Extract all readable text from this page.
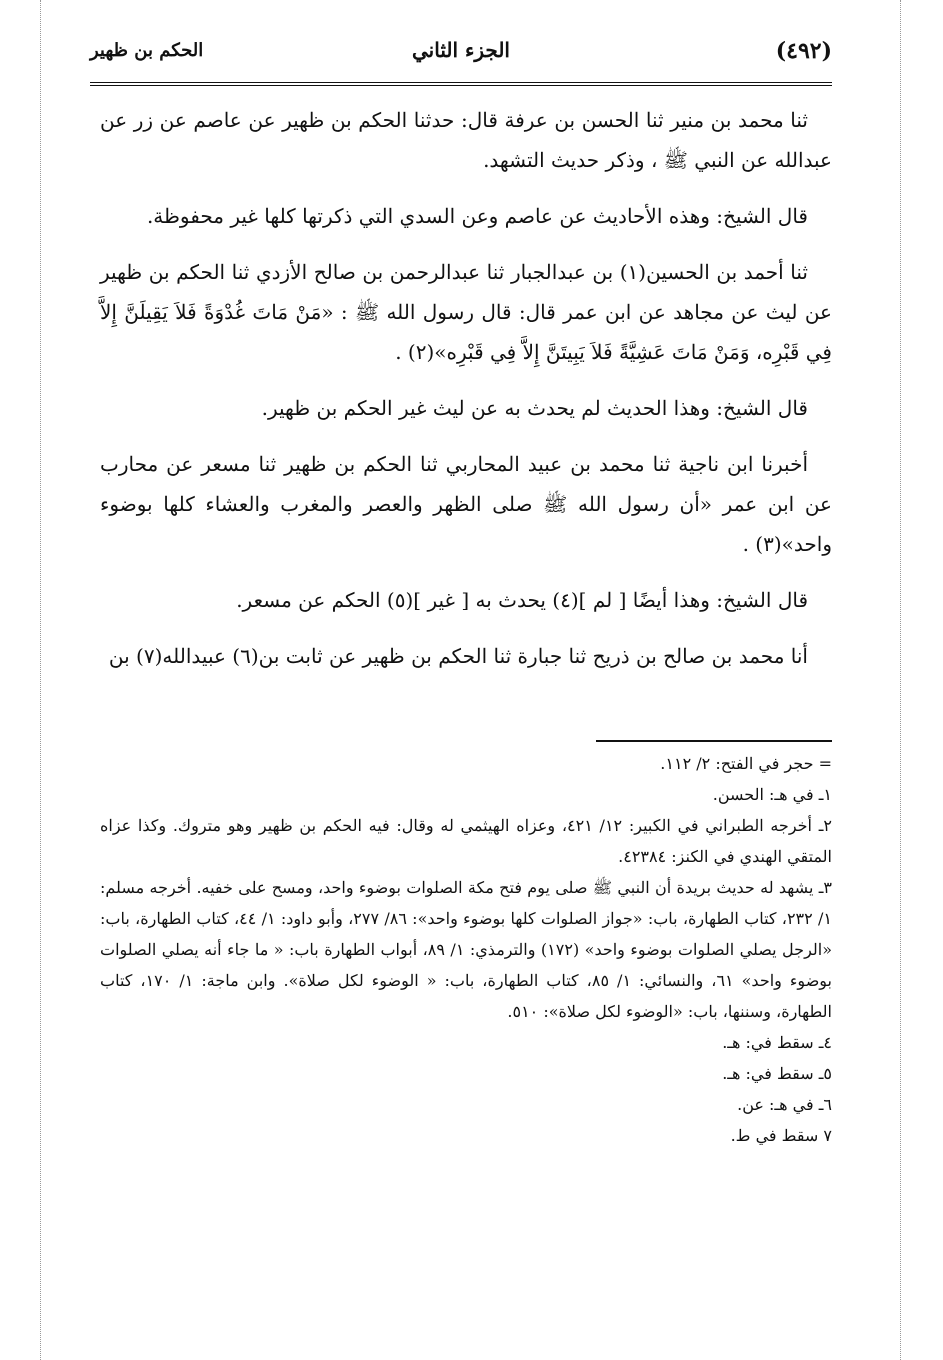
(٤٩٢)
الجزء الثاني
الحكم بن ظهير

ثنا محمد بن منير ثنا الحسن بن عرفة قال: حدثنا الحكم بن ظهير عن عاصم عن زر عن عبدالله عن النبي ﷺ ، وذكر حديث التشهد.

قال الشيخ: وهذه الأحاديث عن عاصم وعن السدي التي ذكرتها كلها غير محفوظة.

ثنا أحمد بن الحسين(١) بن عبدالجبار ثنا عبدالرحمن بن صالح الأزدي ثنا الحكم بن ظهير عن ليث عن مجاهد عن ابن عمر قال: قال رسول الله ﷺ : «مَنْ مَاتَ غُدْوَةً فَلاَ يَقِيلَنَّ إِلاَّ فِي قَبْرِه، وَمَنْ مَاتَ عَشِيَّةً فَلاَ يَبِيتَنَّ إِلاَّ فِي قَبْرِه»(٢) .

قال الشيخ: وهذا الحديث لم يحدث به عن ليث غير الحكم بن ظهير.

أخبرنا ابن ناجية ثنا محمد بن عبيد المحاربي ثنا الحكم بن ظهير ثنا مسعر عن محارب عن ابن عمر «أن رسول الله ﷺ صلى الظهر والعصر والمغرب والعشاء كلها بوضوء واحد»(٣) .

قال الشيخ: وهذا أيضًا [ لم ](٤) يحدث به [ غير ](٥) الحكم عن مسعر.

أنا محمد بن صالح بن ذريح ثنا جبارة ثنا الحكم بن ظهير عن ثابت بن(٦) عبيدالله(٧) بن

= حجر في الفتح: ٢/ ١١٢.
١ـ في هـ: الحسن.
٢ـ أخرجه الطبراني في الكبير: ١٢/ ٤٢١، وعزاه الهيثمي له وقال: فيه الحكم بن ظهير وهو متروك. وكذا عزاه المتقي الهندي في الكنز: ٤٢٣٨٤.
٣ـ يشهد له حديث بريدة أن النبي ﷺ صلى يوم فتح مكة الصلوات بوضوء واحد، ومسح على خفيه. أخرجه مسلم: ١/ ٢٣٢، كتاب الطهارة، باب: «جواز الصلوات كلها بوضوء واحد»: ٨٦/ ٢٧٧، وأبو داود: ١/ ٤٤، كتاب الطهارة، باب: «الرجل يصلي الصلوات بوضوء واحد» (١٧٢) والترمذي: ١/ ٨٩، أبواب الطهارة باب: « ما جاء أنه يصلي الصلوات بوضوء واحد» ٦١، والنسائي: ١/ ٨٥، كتاب الطهارة، باب: « الوضوء لكل صلاة». وابن ماجة: ١/ ١٧٠، كتاب الطهارة، وسننها، باب: «الوضوء لكل صلاة»: ٥١٠.
٤ـ سقط في: هـ.
٥ـ سقط في: هـ.
٦ـ في هـ: عن.
٧ سقط في ط.
